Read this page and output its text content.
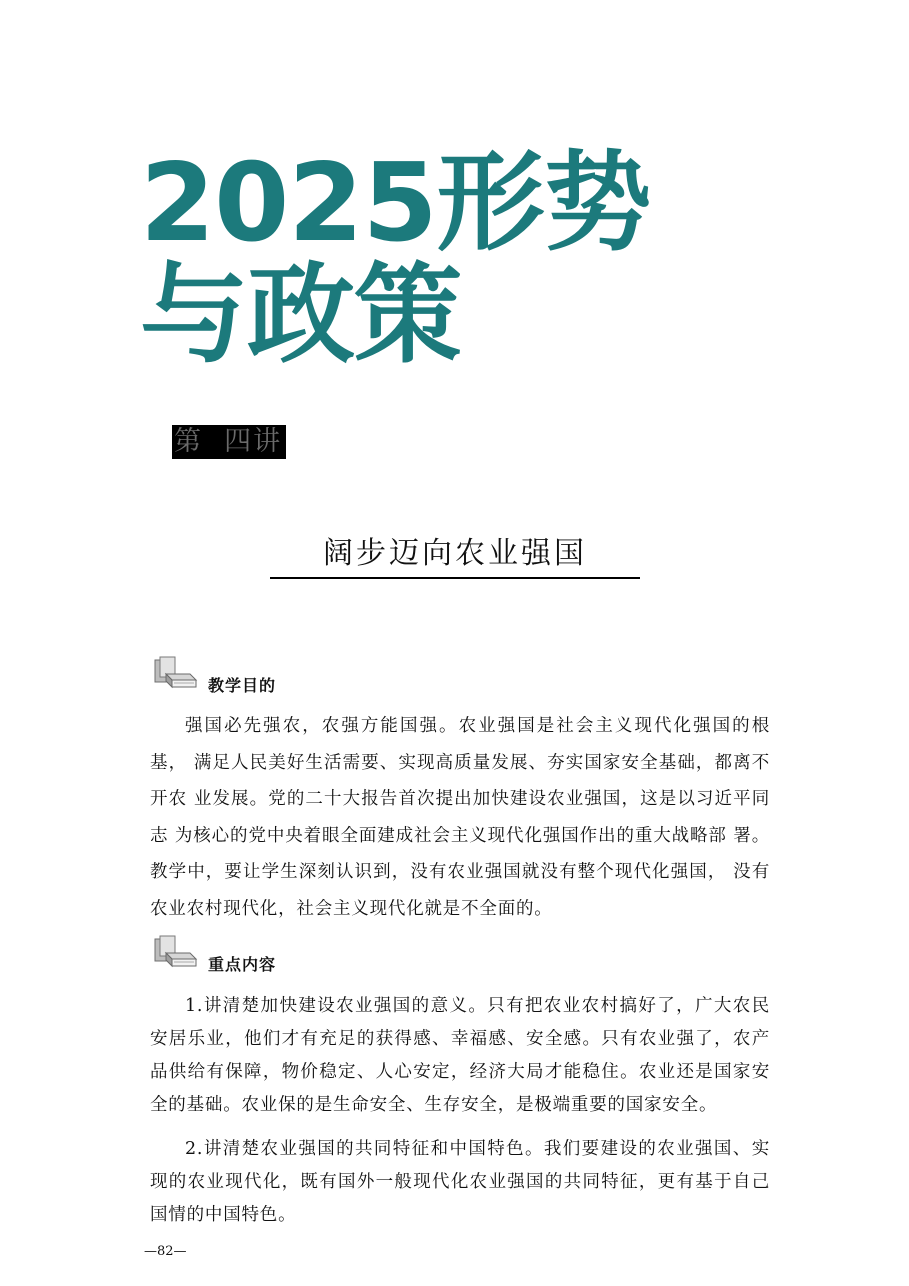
2025形势
与政策
第  四讲
阔步迈向农业强国
教学目的

强国必先强农，农强方能国强。农业强国是社会主义现代化强国的根基， 满足人民美好生活需要、实现高质量发展、夯实国家安全基础，都离不开农 业发展。党的二十大报告首次提出加快建设农业强国，这是以习近平同志 为核心的党中央着眼全面建成社会主义现代化强国作出的重大战略部 署。教学中，要让学生深刻认识到，没有农业强国就没有整个现代化强国， 没有农业农村现代化，社会主义现代化就是不全面的。

重点内容

1.讲清楚加快建设农业强国的意义。只有把农业农村搞好了，广大农民安居乐业，他们才有充足的获得感、幸福感、安全感。只有农业强了，农产品供给有保障，物价稳定、人心安定，经济大局才能稳住。农业还是国家安全的基础。农业保的是生命安全、生存安全，是极端重要的国家安全。

2.讲清楚农业强国的共同特征和中国特色。我们要建设的农业强国、实现的农业现代化，既有国外一般现代化农业强国的共同特征，更有基于自己 国情的中国特色。

—82—
